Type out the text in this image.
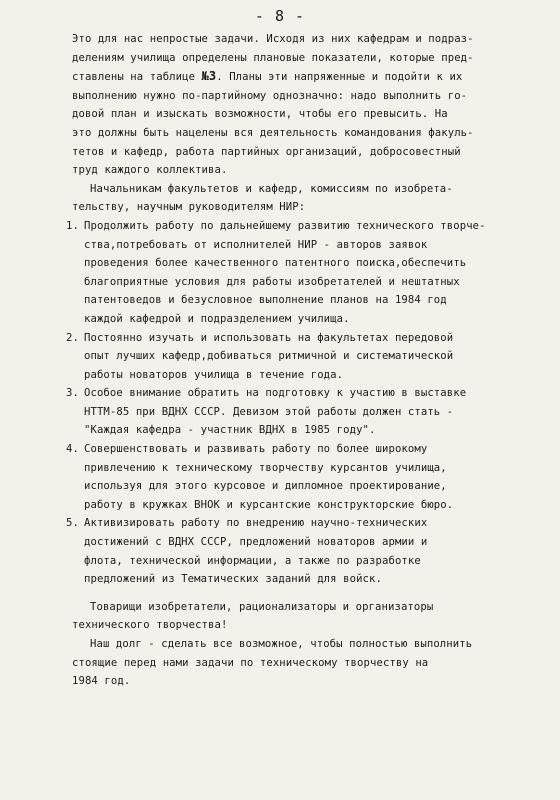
- 8 -
Это для нас непростые задачи. Исходя из них кафедрам и подраз-
делениям училища определены плановые показатели, которые пред-
ставлены на таблице №3. Планы эти напряженные и подойти к их
выполнению нужно по-партийному однозначно: надо выполнить го-
довой план и изыскать возможности, чтобы его превысить. На
это должны быть нацелены вся деятельность командования факуль-
тетов и кафедр, работа партийных организаций, добросовестный
труд каждого коллектива.
Начальникам факультетов и кафедр, комиссиям по изобрета-
тельству, научным руководителям НИР:
1. Продолжить работу по дальнейшему развитию технического творче-
ства,потребовать от исполнителей НИР - авторов заявок
проведения более качественного патентного поиска,обеспечить
благоприятные условия для работы изобретателей и нештатных
патентоведов и безусловное выполнение планов на 1984 год
каждой кафедрой и подразделением училища.
2. Постоянно изучать и использовать на факультетах передовой
опыт лучших кафедр,добиваться ритмичной и систематической
работы новаторов училища в течение года.
3. Особое внимание обратить на подготовку к участию в выставке
НТТМ-85 при ВДНХ СССР. Девизом этой работы должен стать -
"Каждая кафедра - участник ВДНХ в 1985 году".
4. Совершенствовать и развивать работу по более широкому
привлечению к техническому творчеству курсантов училища,
используя для этого курсовое и дипломное проектирование,
работу в кружках ВНОК и курсантские конструкторские бюро.
5. Активизировать работу по внедрению научно-технических
достижений с ВДНХ СССР, предложений новаторов армии и
флота, технической информации, а также по разработке
предложений из Тематических заданий для войск.
Товарищи изобретатели, рационализаторы и организаторы
технического творчества!
Наш долг - сделать все возможное, чтобы полностью выполнить
стоящие перед нами задачи по техническому творчеству на
1984 год.
